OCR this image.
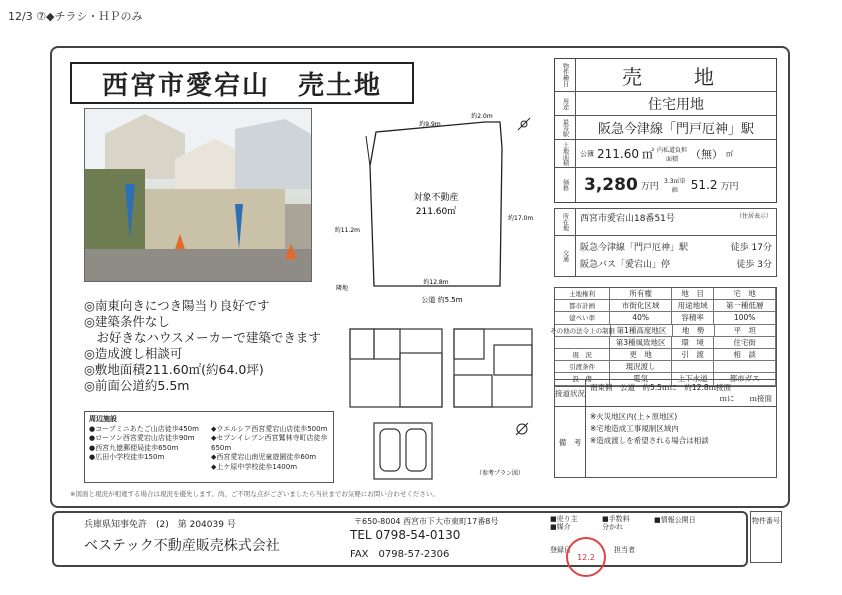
12/3 ⑦◆チラシ・ＨＰのみ
西宮市愛宕山　売土地
◎南東向きにつき陽当り良好です
◎建築条件なし
　お好きなハウスメーカーで建築できます
◎造成渡し相談可
◎敷地面積211.60㎡(約64.0坪)
◎前面公道約5.5m
周辺施設
●コープミニあたご山店徒歩450m
●ローソン西宮愛宕山店徒歩90m
●西宮九億郵便局徒歩650m
●広田小学校徒歩150m
◆ウエルシア西宮愛宕山店徒歩500m
◆セブンイレブン西宮鷲林寺町店徒歩650m
◆西宮愛宕山南児童遊園徒歩60m
◆上ケ原中学校徒歩1400m
約9.9m
約2.0m
約17.0m
約11.2m
約12.8m
対象不動産
211.60㎡
隣地
公道 約5.5m
（参考プラン図）
物件種目	売　地
用途	住宅用地
最寄駅	阪急今津線「門戸厄神」駅
土地面積	公簿 211.60 ㎡ 内私道負担面積	（無） ㎡
価格 3,280 万円 3.3㎡単価	51.2 万円
所在地	西宮市愛宕山18番51号	（住居表示）
交通
阪急今津線「門戸厄神」駅	徒歩 17分
阪急バス「愛宕山」停	徒歩 3分
土地権利	所有権	地　目	宅　地
都市計画	市街化区域	用途地域	第一種低層
建ぺい率	40%	容積率	100%
その他の法令上の制限 第1種高度地区	地　勢	平　坦
第3種風致地区	環　境	住宅街
現　況	更　地	引　渡	相　談
引渡条件	現況渡し
設　備	電気	上下水道	都市ガス
接道状況
南東側　公道　約5.5ｍに　約12.8ｍ接面
ｍに　　ｍ接面
備　考
※火災地区内(上ヶ原地区)
※宅地造成工事規制区域内
※造成渡しを希望される場合は相談
※図面と現況が相違する場合は現況を優先します。尚、ご不明な点がございましたら当社までお気軽にお問い合わせください。
兵庫県知事免許　(2)　第 204039 号
ベステック不動産販売株式会社
〒650-8004 西宮市下大市東町17番8号
TEL 0798-54-0130
FAX　0798-57-2306
■売り主
■媒介
■手数料
分かれ
■情報公開日
登録日	担当者
物件番号
12.2
